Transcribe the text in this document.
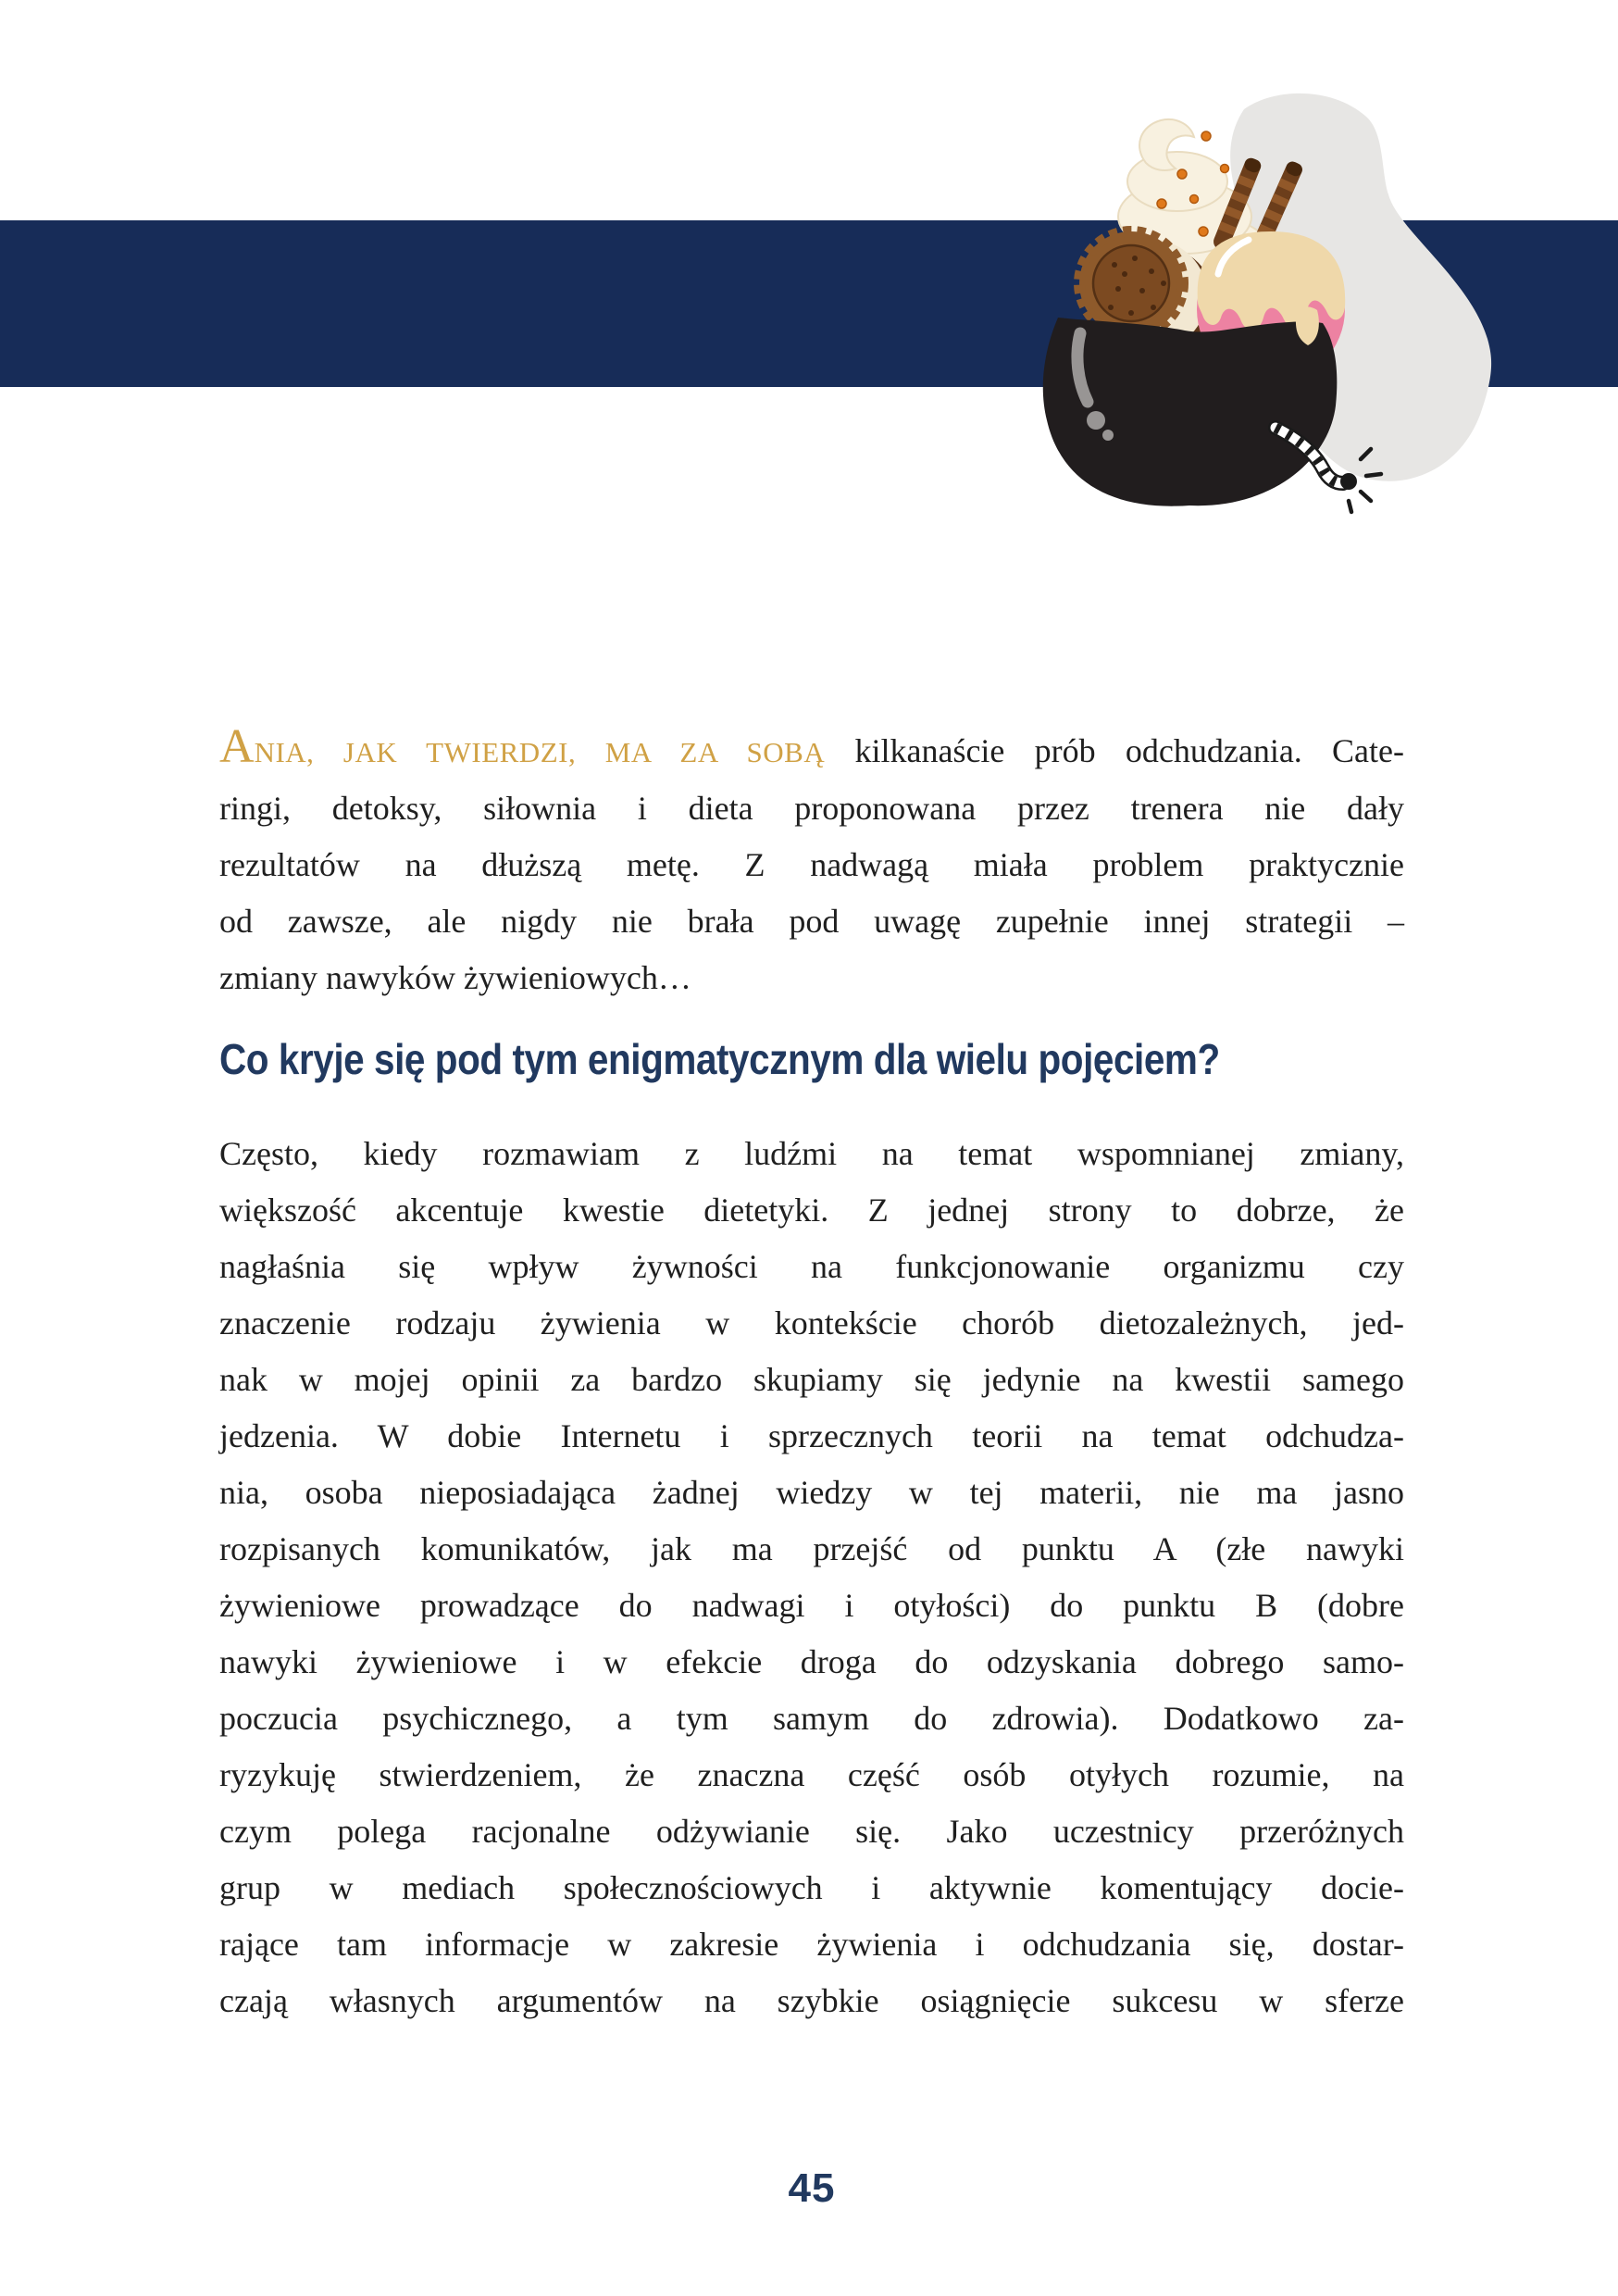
ANIA, JAK TWIERDZI, MA ZA SOBĄ kilkanaście prób odchudzania. Cate-
ringi, detoksy, siłownia i dieta proponowana przez trenera nie dały
rezultatów na dłuższą metę. Z nadwagą miała problem praktycznie
od zawsze, ale nigdy nie brała pod uwagę zupełnie innej strategii –
zmiany nawyków żywieniowych…
Co kryje się pod tym enigmatycznym dla wielu pojęciem?
Często, kiedy rozmawiam z ludźmi na temat wspomnianej zmiany,
większość akcentuje kwestie dietetyki. Z jednej strony to dobrze, że
nagłaśnia się wpływ żywności na funkcjonowanie organizmu czy
znaczenie rodzaju żywienia w kontekście chorób dietozależnych, jed-
nak w mojej opinii za bardzo skupiamy się jedynie na kwestii samego
jedzenia. W dobie Internetu i sprzecznych teorii na temat odchudza-
nia, osoba nieposiadająca żadnej wiedzy w tej materii, nie ma jasno
rozpisanych komunikatów, jak ma przejść od punktu A (złe nawyki
żywieniowe prowadzące do nadwagi i otyłości) do punktu B (dobre
nawyki żywieniowe i w efekcie droga do odzyskania dobrego samo-
poczucia psychicznego, a tym samym do zdrowia). Dodatkowo za-
ryzykuję stwierdzeniem, że znaczna część osób otyłych rozumie, na
czym polega racjonalne odżywianie się. Jako uczestnicy przeróżnych
grup w mediach społecznościowych i aktywnie komentujący docie-
rające tam informacje w zakresie żywienia i odchudzania się, dostar-
czają własnych argumentów na szybkie osiągnięcie sukcesu w sferze
45
